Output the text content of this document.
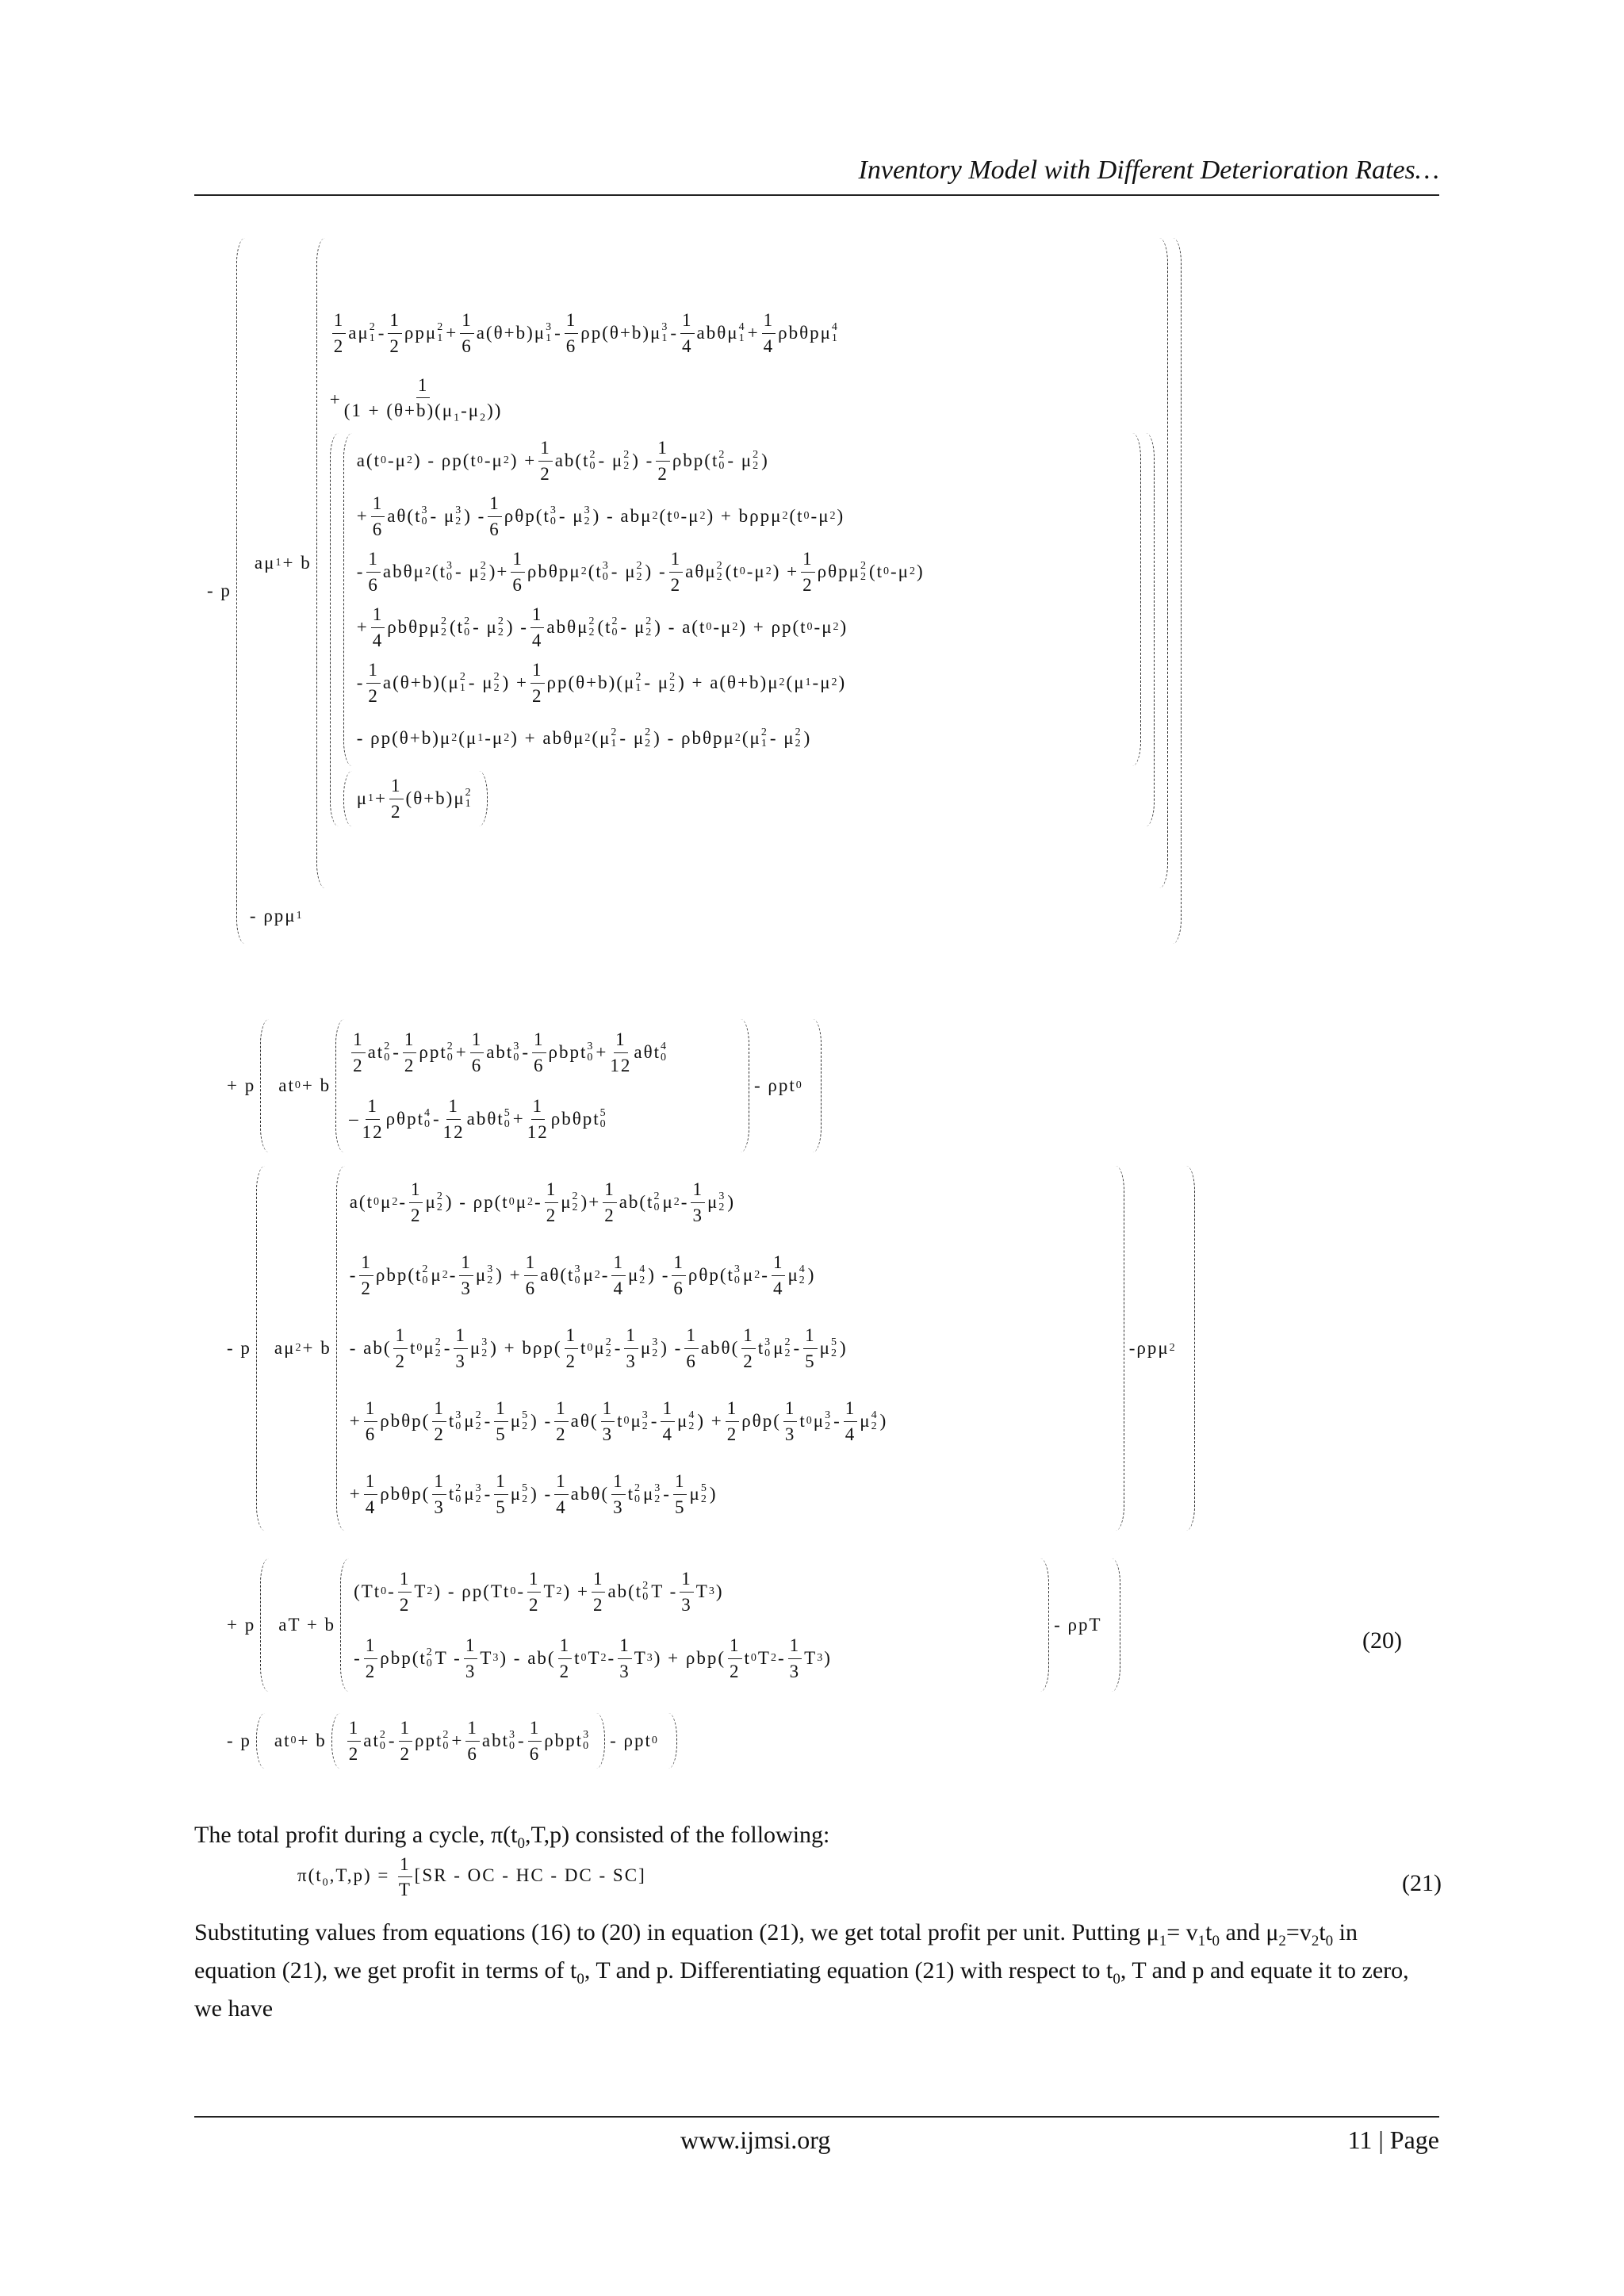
Inventory Model with Different Deterioration Rates…
- p
aμ 1 + b
1
2
aμ 2
1 -
1
2
ρpμ 2
1 +
1
6
a(θ+b)μ 3
1 -
1
6
ρp(θ+b)μ 3
1 -
1
4
abθμ 4
1 +
1
4
ρbθpμ 4
1
+
1
$(1 + (\theta+b)(\mu_1-\mu_2))$
a(t 0 -μ 2 ) - ρp(t 0 -μ 2 ) +
1
2
ab(t 2
0 - μ 2
2 ) -
1
2
ρbp(t 2
0 - μ 2
2 )
+
1
6
aθ(t 3
0 - μ 3
2 ) -
1
6
ρθp(t 3
0 - μ 3
2 ) - abμ 2 (t 0 -μ 2 ) + bρpμ 2 (t 0 -μ 2 )
-
1
6
abθμ 2 (t 3
0 - μ 2
2 )+
1
6
ρbθpμ 2 (t 3
0 - μ 2
2 ) -
1
2
aθμ 2
2 (t 0 -μ 2 ) +
1
2
ρθpμ 2
2 (t 0 -μ 2 )
+
1
4
ρbθpμ 2
2 (t 2
0 - μ 2
2 ) -
1
4
abθμ 2
2 (t 2
0 - μ 2
2 ) - a(t 0 -μ 2 ) + ρp(t 0 -μ 2 )
-
1
2
a(θ+b)(μ 2
1 - μ 2
2 ) +
1
2
ρp(θ+b)(μ 2
1 - μ 2
2 ) + a(θ+b)μ 2 (μ 1 -μ 2 )
- ρp(θ+b)μ 2 (μ 1 -μ 2 ) + abθμ 2 (μ 2
1 - μ 2
2 ) - ρbθpμ 2 (μ 2
1 - μ 2
2 )
μ 1 +
1
2
(θ+b)μ 2
1
- ρpμ 1
+ p at 0 + b
1
2
at 2
0 -
1
2
ρpt 2
0 +
1
6
abt 3
0 -
1
6
ρbpt 3
0 +
1
12
aθt 4
0
–
1
12
ρθpt 4
0 -
1
12
abθt 5
0 +
1
12
ρbθpt 5
0
- ρpt 0
- p aμ 2 + b
a(t 0 μ 2 -
1
2
μ 2
2 ) - ρp(t 0 μ 2 -
1
2
μ 2
2 )+
1
2
ab(t 2
0 μ 2 -
1
3
μ 3
2 )
-
1
2
ρbp(t 2
0 μ 2 -
1
3
μ 3
2 ) +
1
6
aθ(t 3
0 μ 2 -
1
4
μ 4
2 ) -
1
6
ρθp(t 3
0 μ 2 -
1
4
μ 4
2 )
- ab(
1
2
t 0 μ 2
2 -
1
3
μ 3
2 ) + bρp(
1
2
t 0 μ 2
2 -
1
3
μ 3
2 ) -
1
6
abθ(
1
2
t 3
0 μ 2
2 -
1
5
μ 5
2 )
+
1
6
ρbθp(
1
2
t 3
0 μ 2
2 -
1
5
μ 5
2 ) -
1
2
aθ(
1
3
t 0 μ 3
2 -
1
4
μ 4
2 ) +
1
2
ρθp(
1
3
t 0 μ 3
2 -
1
4
μ 4
2 )
+
1
4
ρbθp(
1
3
t 2
0 μ 3
2 -
1
5
μ 5
2 ) -
1
4
abθ(
1
3
t 2
0 μ 3
2 -
1
5
μ 5
2 )
-ρpμ 2
+ p aT + b
(Tt 0 -
1
2
T 2 ) - ρp(Tt 0 -
1
2
T 2 ) +
1
2
ab(t 2
0 T -
1
3
T 3 )
-
1
2
ρbp(t 2
0 T -
1
3
T 3 ) - ab(
1
2
t 0 T 2 -
1
3
T 3 ) + ρbp(
1
2
t 0 T 2 -
1
3
T 3 )
- ρpT
(20)
- p at 0 + b
1
2
at 2
0 -
1
2
ρpt 2
0 +
1
6
abt 3
0 -
1
6
ρbpt 3
0 - ρpt 0
The total profit during a cycle, $\pi(t_0,T,p)$ consisted of the following:
$\pi(t_0,T,p) = \frac{1}{T} [SR$ - OC - HC - DC - SC]	(21)
Substituting values from equations (16) to (20) in equation (21), we get total profit per unit. Putting $\mu_1= v_1t_0$ and $\mu_2=v_2t_0$ in equation (21), we get profit in terms of $t_0$, T and p. Differentiating equation (21) with respect to $t_0$, T and p and equate it to zero, we have
www.ijmsi.org	11 | Page
